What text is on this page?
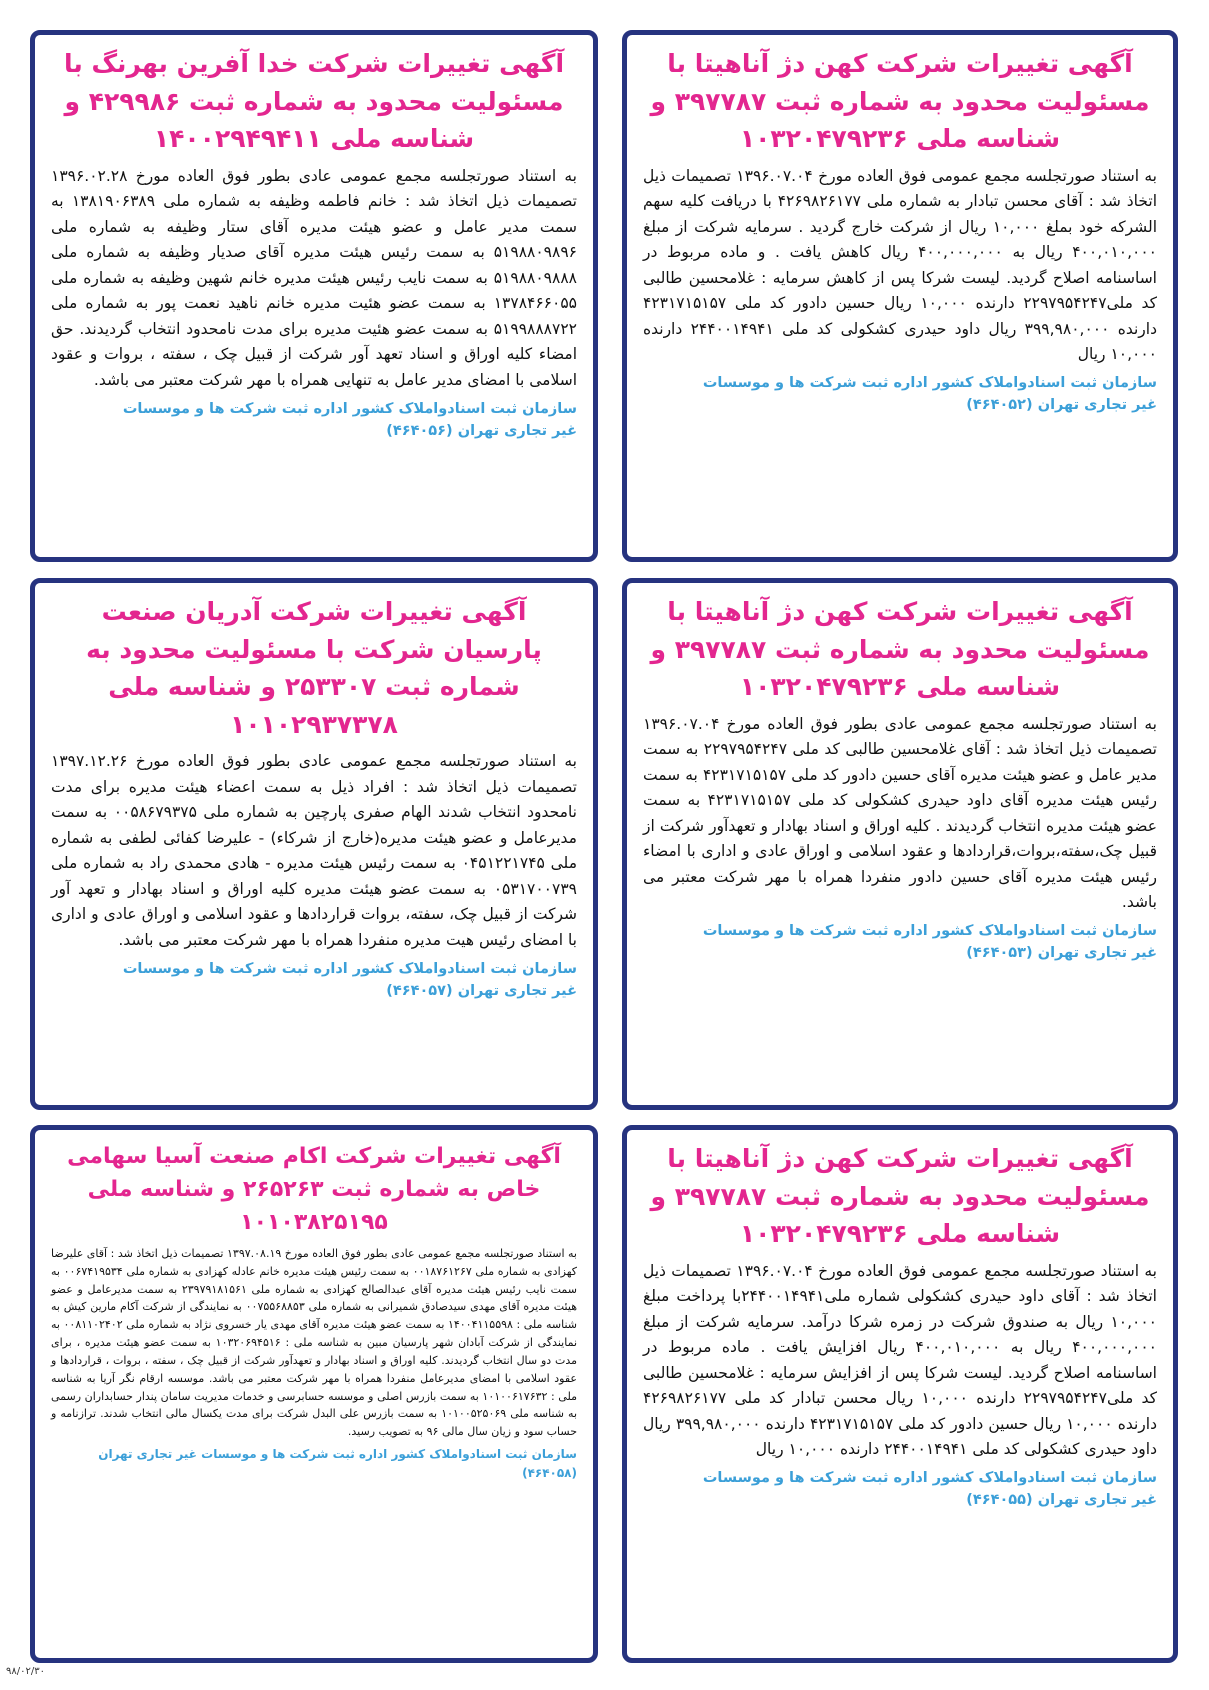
آگهی تغییرات شرکت کهن دژ آناهیتا با مسئولیت محدود به شماره ثبت ۳۹۷۷۸۷ و شناسه ملی ۱۰۳۲۰۴۷۹۲۳۶
به استناد صورتجلسه مجمع عمومی فوق العاده مورخ ۱۳۹۶.۰۷.۰۴ تصمیمات ذیل اتخاذ شد : آقای محسن تبادار به شماره ملی ۴۲۶۹۸۲۶۱۷۷ با دریافت کلیه سهم الشرکه خود بملغ ۱۰,۰۰۰ ریال از شرکت خارج گردید . سرمایه شرکت از مبلغ ۴۰۰,۰۱۰,۰۰۰ ریال به ۴۰۰,۰۰۰,۰۰۰ ریال کاهش یافت . و ماده مربوط در اساسنامه اصلاح گردید. لیست شرکا پس از کاهش سرمایه : غلامحسین طالبی کد ملی۲۲۹۷۹۵۴۲۴۷ دارنده ۱۰,۰۰۰ ریال حسین دادور کد ملی ۴۲۳۱۷۱۵۱۵۷ دارنده ۳۹۹,۹۸۰,۰۰۰ ریال داود حیدری کشکولی کد ملی ۲۴۴۰۰۱۴۹۴۱ دارنده ۱۰,۰۰۰ ریال
سازمان ثبت اسنادواملاک کشور اداره ثبت شرکت ها و موسسات
غیر تجاری تهران (۴۶۴۰۵۲)
آگهی تغییرات شرکت خدا آفرین بهرنگ با مسئولیت محدود به شماره ثبت ۴۲۹۹۸۶ و شناسه ملی ۱۴۰۰۲۹۴۹۴۱۱
به استناد صورتجلسه مجمع عمومی عادی بطور فوق العاده مورخ ۱۳۹۶.۰۲.۲۸ تصمیمات ذیل اتخاذ شد : خانم فاطمه وظیفه به شماره ملی ۱۳۸۱۹۰۶۳۸۹ به سمت مدیر عامل و عضو هیئت مدیره آقای ستار وظیفه به شماره ملی ۵۱۹۸۸۰۹۸۹۶ به سمت رئیس هیئت مدیره آقای صدیار وظیفه به شماره ملی ۵۱۹۸۸۰۹۸۸۸ به سمت نایب رئیس هیئت مدیره خانم شهین وظیفه به شماره ملی ۱۳۷۸۴۶۶۰۵۵ به سمت عضو هئیت مدیره خانم ناهید نعمت پور به شماره ملی ۵۱۹۹۸۸۸۷۲۲ به سمت عضو هئیت مدیره برای مدت نامحدود انتخاب گردیدند. حق امضاء کلیه اوراق و اسناد تعهد آور شرکت از قبیل چک ، سفته ، بروات و عقود اسلامی با امضای مدیر عامل به تنهایی همراه با مهر شرکت معتبر می باشد.
سازمان ثبت اسنادواملاک کشور اداره ثبت شرکت ها و موسسات
غیر تجاری تهران (۴۶۴۰۵۶)
آگهی تغییرات شرکت کهن دژ آناهیتا با مسئولیت محدود به شماره ثبت ۳۹۷۷۸۷ و شناسه ملی ۱۰۳۲۰۴۷۹۲۳۶
به استناد صورتجلسه مجمع عمومی عادی بطور فوق العاده مورخ ۱۳۹۶.۰۷.۰۴ تصمیمات ذیل اتخاذ شد : آقای غلامحسین طالبی کد ملی ۲۲۹۷۹۵۴۲۴۷ به سمت مدیر عامل و عضو هیئت مدیره آقای حسین دادور کد ملی ۴۲۳۱۷۱۵۱۵۷ به سمت رئیس هیئت مدیره آقای داود حیدری کشکولی کد ملی ۴۲۳۱۷۱۵۱۵۷ به سمت عضو هیئت مدیره انتخاب گردیدند . کلیه اوراق و اسناد بهادار و تعهدآور شرکت از قبیل چک،سفته،بروات،قراردادها و عقود اسلامی و اوراق عادی و اداری با امضاء رئیس هیئت مدیره آقای حسین دادور منفردا همراه با مهر شرکت معتبر می باشد.
سازمان ثبت اسنادواملاک کشور اداره ثبت شرکت ها و موسسات
غیر تجاری تهران (۴۶۴۰۵۳)
آگهی تغییرات شرکت آدریان صنعت پارسیان شرکت با مسئولیت محدود به شماره ثبت ۲۵۳۳۰۷ و شناسه ملی ۱۰۱۰۲۹۳۷۳۷۸
به استناد صورتجلسه مجمع عمومی عادی بطور فوق العاده مورخ ۱۳۹۷.۱۲.۲۶ تصمیمات ذیل اتخاذ شد : افراد ذیل به سمت اعضاء هیئت مدیره برای مدت نامحدود انتخاب شدند الهام صفری پارچین به شماره ملی ۰۰۵۸۶۷۹۳۷۵ به سمت مدیرعامل و عضو هیئت مدیره(خارج از شرکاء) - علیرضا کفائی لطفی به شماره ملی ۰۴۵۱۲۲۱۷۴۵ به سمت رئیس هیئت مدیره - هادی محمدی راد به شماره ملی ۰۵۳۱۷۰۰۷۳۹ به سمت عضو هیئت مدیره کلیه اوراق و اسناد بهادار و تعهد آور شرکت از قبیل چک، سفته، بروات قراردادها و عقود اسلامی و اوراق عادی و اداری با امضای رئیس هیت مدیره منفردا همراه با مهر شرکت معتبر می باشد.
سازمان ثبت اسنادواملاک کشور اداره ثبت شرکت ها و موسسات
غیر تجاری تهران (۴۶۴۰۵۷)
آگهی تغییرات شرکت کهن دژ آناهیتا با مسئولیت محدود به شماره ثبت ۳۹۷۷۸۷ و شناسه ملی ۱۰۳۲۰۴۷۹۲۳۶
به استناد صورتجلسه مجمع عمومی فوق العاده مورخ ۱۳۹۶.۰۷.۰۴ تصمیمات ذیل اتخاذ شد : آقای داود حیدری کشکولی شماره ملی۲۴۴۰۰۱۴۹۴۱با پرداخت مبلغ ۱۰,۰۰۰ ریال به صندوق شرکت در زمره شرکا درآمد. سرمایه شرکت از مبلغ ۴۰۰,۰۰۰,۰۰۰ ریال به ۴۰۰,۰۱۰,۰۰۰ ریال افزایش یافت . ماده مربوط در اساسنامه اصلاح گردید. لیست شرکا پس از افزایش سرمایه : غلامحسین طالبی کد ملی۲۲۹۷۹۵۴۲۴۷ دارنده ۱۰,۰۰۰ ریال محسن تبادار کد ملی ۴۲۶۹۸۲۶۱۷۷ دارنده ۱۰,۰۰۰ ریال حسین دادور کد ملی ۴۲۳۱۷۱۵۱۵۷ دارنده ۳۹۹,۹۸۰,۰۰۰ ریال داود حیدری کشکولی کد ملی ۲۴۴۰۰۱۴۹۴۱ دارنده ۱۰,۰۰۰ ریال
سازمان ثبت اسنادواملاک کشور اداره ثبت شرکت ها و موسسات
غیر تجاری تهران (۴۶۴۰۵۵)
آگهی تغییرات شرکت اکام صنعت آسیا سهامی خاص به شماره ثبت ۲۶۵۲۶۳ و شناسه ملی ۱۰۱۰۳۸۲۵۱۹۵
به استناد صورتجلسه مجمع عمومی عادی بطور فوق العاده مورخ ۱۳۹۷.۰۸.۱۹ تصمیمات ذیل اتخاذ شد : آقای علیرضا کهزادی به شماره ملی ۰۰۱۸۷۶۱۲۶۷ به سمت رئیس هیئت مدیره خانم عادله کهزادی به شماره ملی ۰۰۶۷۴۱۹۵۳۴ به سمت نایب رئیس هیئت مدیره آقای عبدالصالح کهزادی به شماره ملی ۲۳۹۷۹۱۸۱۵۶۱ به سمت مدیرعامل و عضو هیئت مدیره آقای مهدی سیدصادق شمیرانی به شماره ملی ۰۰۷۵۵۶۸۸۵۳ به نمایندگی از شرکت آکام مارین کیش به شناسه ملی : ۱۴۰۰۴۱۱۵۵۹۸ به سمت عضو هیئت مدیره آقای مهدی یار خسروی نژاد به شماره ملی ۰۰۸۱۱۰۲۴۰۲ به نمایندگی از شرکت آبادان شهر پارسیان مبین به شناسه ملی : ۱۰۳۲۰۶۹۴۵۱۶ به سمت عضو هیئت مدیره ، برای مدت دو سال انتخاب گردیدند. کلیه اوراق و اسناد بهادار و تعهدآور شرکت از قبیل چک ، سفته ، بروات ، قراردادها و عقود اسلامی با امضای مدیرعامل منفردا همراه با مهر شرکت معتبر می باشد. موسسه ارقام نگر آریا به شناسه ملی : ۱۰۱۰۰۶۱۷۶۳۲ به سمت بازرس اصلی و موسسه حسابرسی و خدمات مدیریت سامان پندار حسابداران رسمی به شناسه ملی ۱۰۱۰۰۵۲۵۰۶۹ به سمت بازرس علی البدل شرکت برای مدت یکسال مالی انتخاب شدند. ترازنامه و حساب سود و زیان سال مالی ۹۶ به تصویب رسید.
سازمان ثبت اسنادواملاک کشور اداره ثبت شرکت ها و موسسات غیر تجاری تهران
(۴۶۴۰۵۸)
۹۸/۰۲/۳۰
